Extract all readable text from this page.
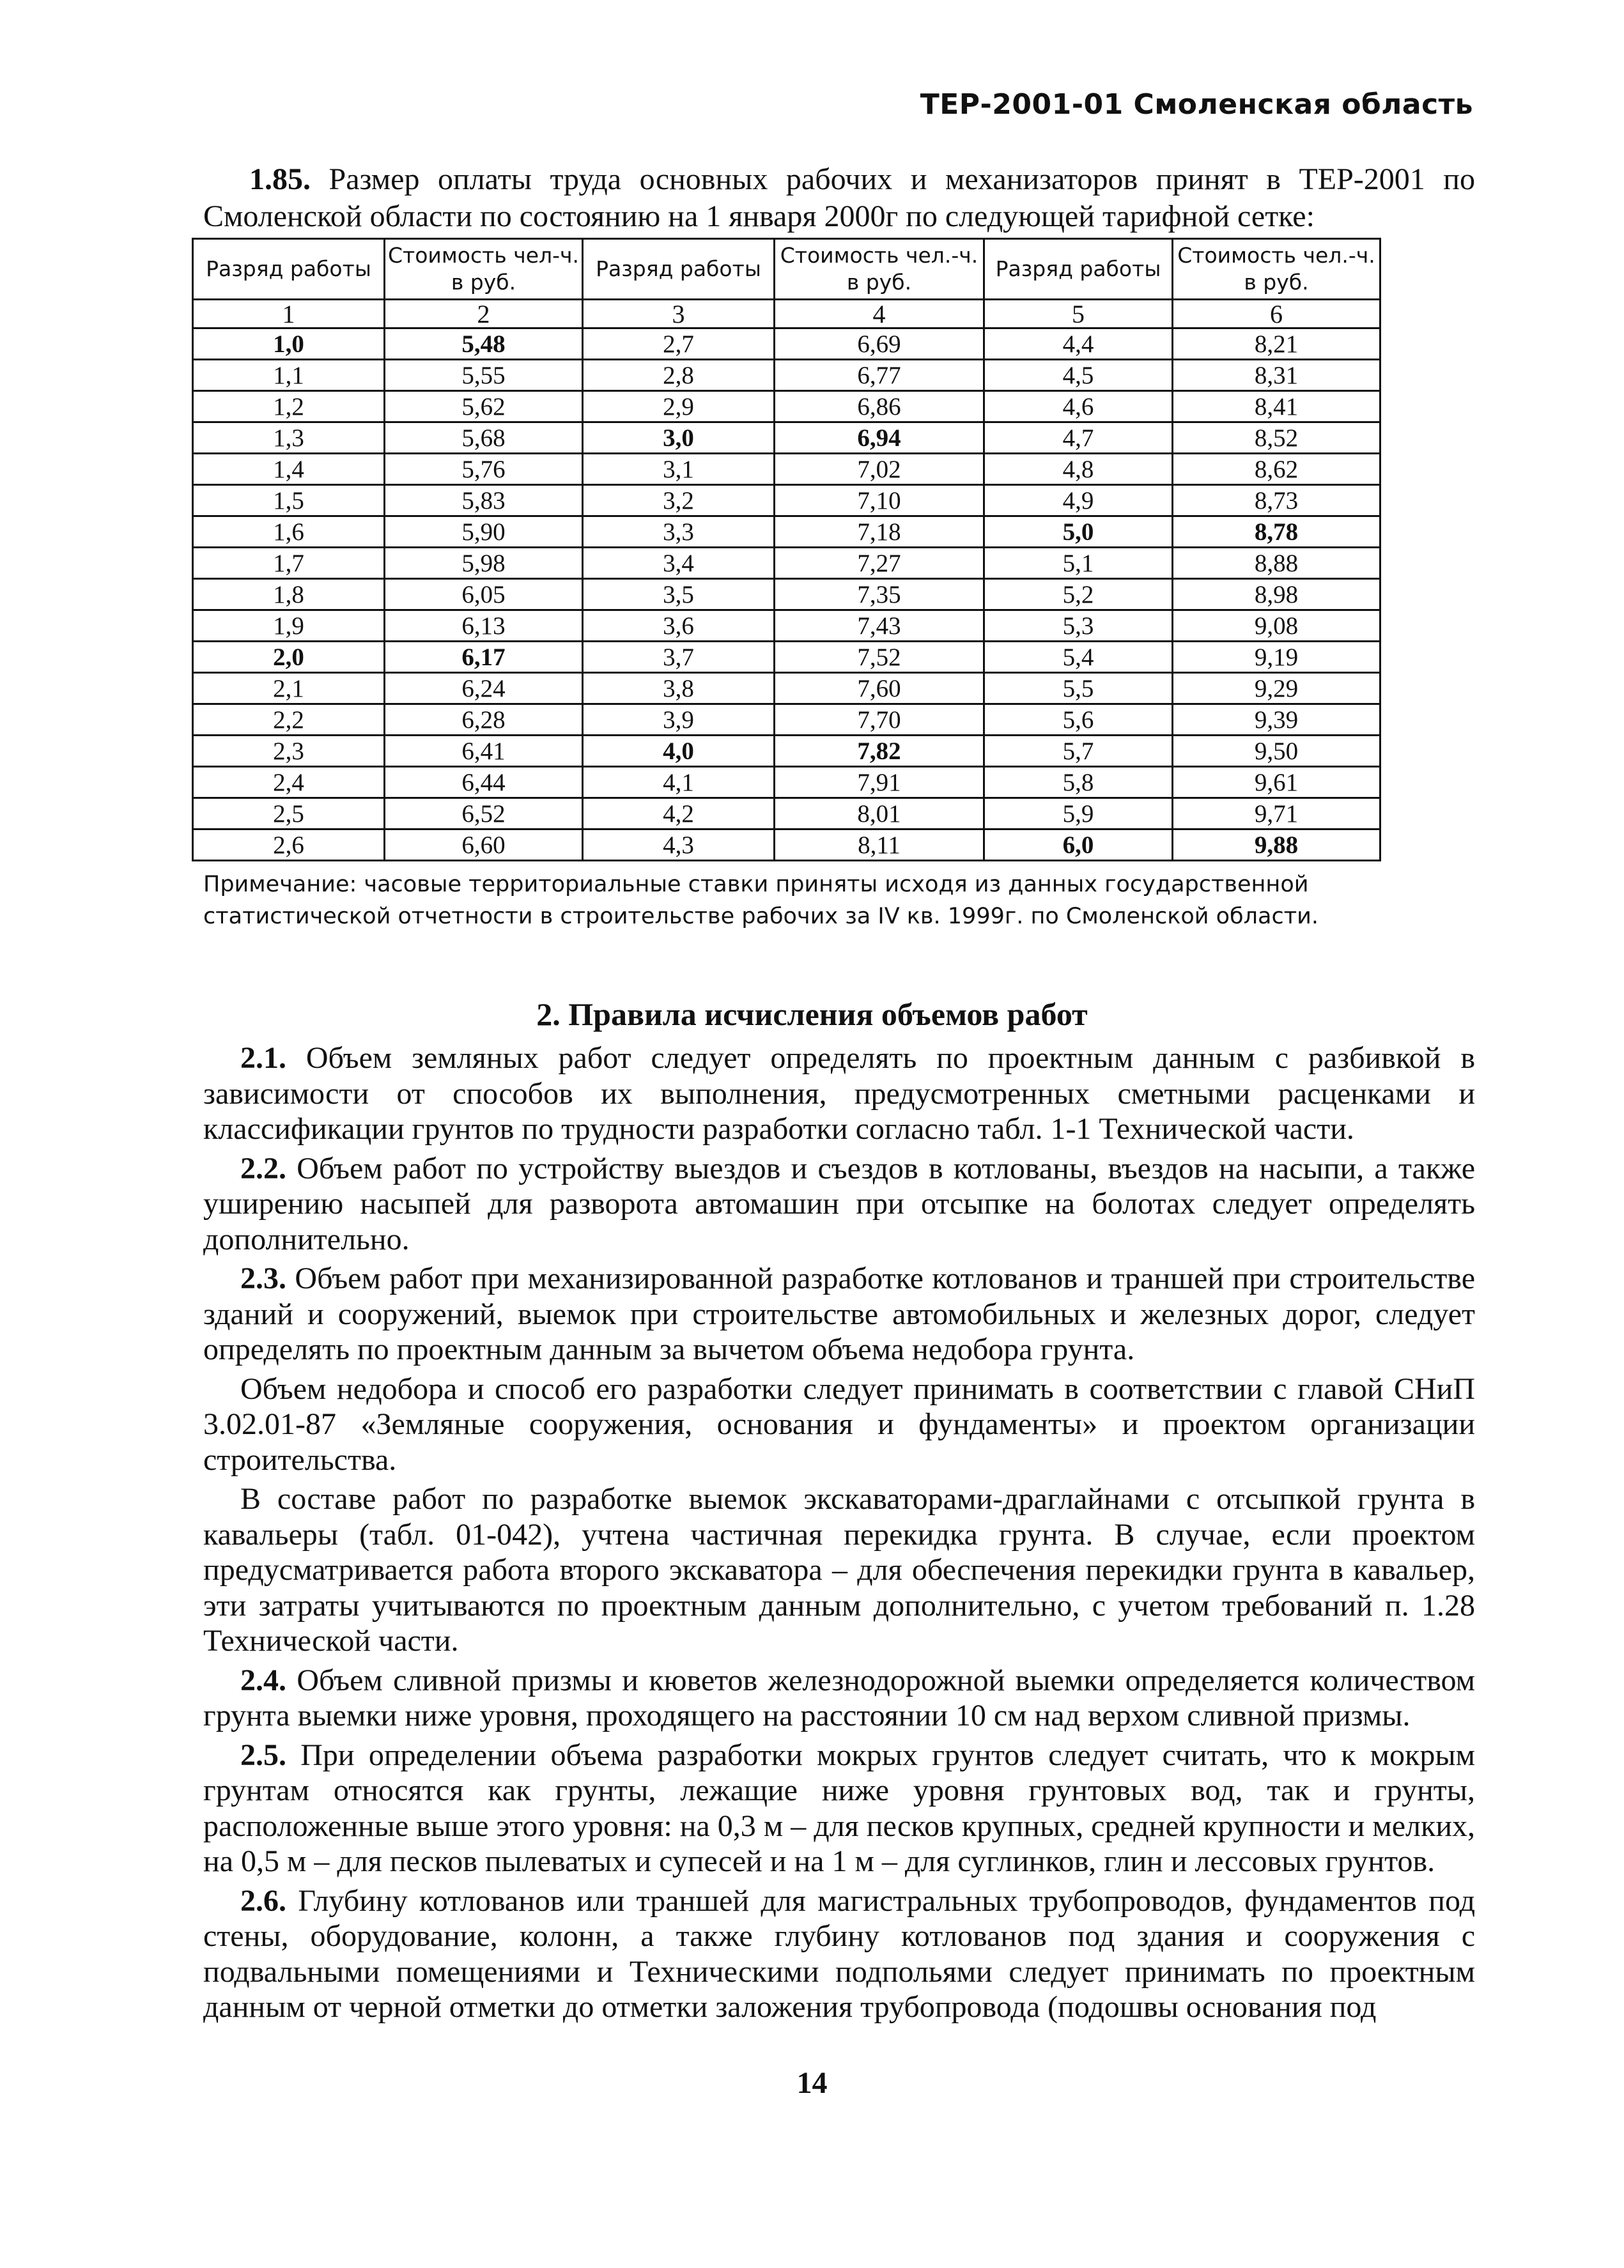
ТЕР-2001-01 Смоленская область
1.85. Размер оплаты труда основных рабочих и механизаторов принят в ТЕР-2001 по Смоленской области по состоянию на 1 января 2000г по следующей тарифной сетке:
Разряд работы	Стоимость чел-ч. в руб.	Разряд работы	Стоимость чел.-ч. в руб.	Разряд работы	Стоимость чел.-ч. в руб.
1	2	3	4	5	6
1,0	5,48	2,7	6,69	4,4	8,21
1,1	5,55	2,8	6,77	4,5	8,31
1,2	5,62	2,9	6,86	4,6	8,41
1,3	5,68	3,0	6,94	4,7	8,52
1,4	5,76	3,1	7,02	4,8	8,62
1,5	5,83	3,2	7,10	4,9	8,73
1,6	5,90	3,3	7,18	5,0	8,78
1,7	5,98	3,4	7,27	5,1	8,88
1,8	6,05	3,5	7,35	5,2	8,98
1,9	6,13	3,6	7,43	5,3	9,08
2,0	6,17	3,7	7,52	5,4	9,19
2,1	6,24	3,8	7,60	5,5	9,29
2,2	6,28	3,9	7,70	5,6	9,39
2,3	6,41	4,0	7,82	5,7	9,50
2,4	6,44	4,1	7,91	5,8	9,61
2,5	6,52	4,2	8,01	5,9	9,71
2,6	6,60	4,3	8,11	6,0	9,88
Примечание: часовые территориальные ставки приняты исходя из данных государственной статистической отчетности в строительстве рабочих за IV кв. 1999г. по Смоленской области.
2. Правила исчисления объемов работ

2.1. Объем земляных работ следует определять по проектным данным с разбивкой в зависимости от способов их выполнения, предусмотренных сметными расценками и классификации грунтов по трудности разработки согласно табл. 1-1 Технической части.

2.2. Объем работ по устройству выездов и съездов в котлованы, въездов на насыпи, а также уширению насыпей для разворота автомашин при отсыпке на болотах следует определять дополнительно.

2.3. Объем работ при механизированной разработке котлованов и траншей при строительстве зданий и сооружений, выемок при строительстве автомобильных и железных дорог, следует определять по проектным данным за вычетом объема недобора грунта.

Объем недобора и способ его разработки следует принимать в соответствии с главой СНиП 3.02.01-87 «Земляные сооружения, основания и фундаменты» и проектом организации строительства.

В составе работ по разработке выемок экскаваторами-драглайнами с отсыпкой грунта в кавальеры (табл. 01-042), учтена частичная перекидка грунта. В случае, если проектом предусматривается работа второго экскаватора – для обеспечения перекидки грунта в кавальер, эти затраты учитываются по проектным данным дополнительно, с учетом требований п. 1.28 Технической части.

2.4. Объем сливной призмы и кюветов железнодорожной выемки определяется количеством грунта выемки ниже уровня, проходящего на расстоянии 10 см над верхом сливной призмы.

2.5. При определении объема разработки мокрых грунтов следует считать, что к мокрым грунтам относятся как грунты, лежащие ниже уровня грунтовых вод, так и грунты, расположенные выше этого уровня: на 0,3 м – для песков крупных, средней крупности и мелких, на 0,5 м – для песков пылеватых и супесей и на 1 м – для суглинков, глин и лессовых грунтов.

2.6. Глубину котлованов или траншей для магистральных трубопроводов, фундаментов под стены, оборудование, колонн, а также глубину котлованов под здания и сооружения с подвальными помещениями и Техническими подпольями следует принимать по проектным данным от черной отметки до отметки заложения трубопровода (подошвы основания под

14
